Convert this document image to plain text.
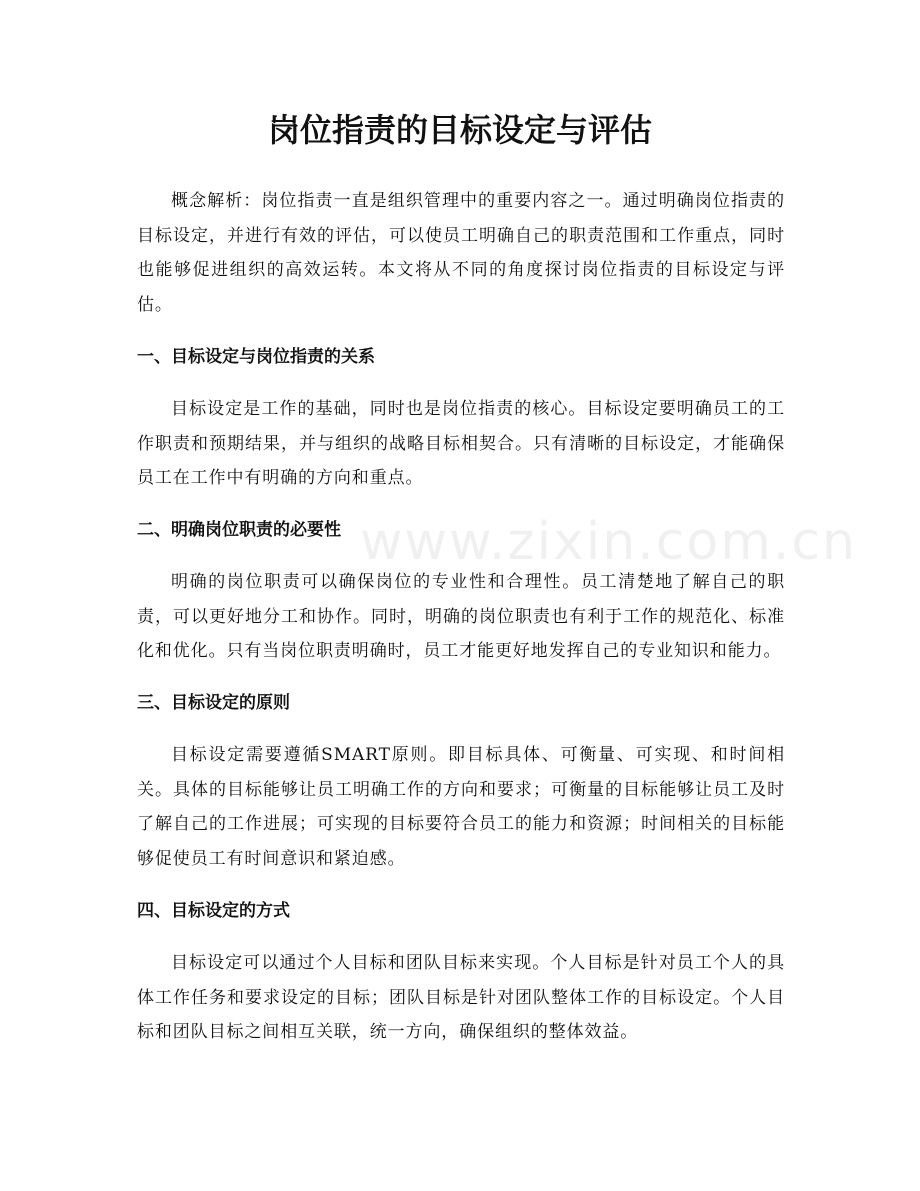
www.zixin.com.cn
岗位指责的目标设定与评估

概念解析：岗位指责一直是组织管理中的重要内容之一。通过明确岗位指责的目标设定，并进行有效的评估，可以使员工明确自己的职责范围和工作重点，同时也能够促进组织的高效运转。本文将从不同的角度探讨岗位指责的目标设定与评估。

一、目标设定与岗位指责的关系

目标设定是工作的基础，同时也是岗位指责的核心。目标设定要明确员工的工作职责和预期结果，并与组织的战略目标相契合。只有清晰的目标设定，才能确保员工在工作中有明确的方向和重点。

二、明确岗位职责的必要性

明确的岗位职责可以确保岗位的专业性和合理性。员工清楚地了解自己的职责，可以更好地分工和协作。同时，明确的岗位职责也有利于工作的规范化、标准化和优化。只有当岗位职责明确时，员工才能更好地发挥自己的专业知识和能力。

三、目标设定的原则

目标设定需要遵循SMART原则。即目标具体、可衡量、可实现、和时间相关。具体的目标能够让员工明确工作的方向和要求；可衡量的目标能够让员工及时了解自己的工作进展；可实现的目标要符合员工的能力和资源；时间相关的目标能够促使员工有时间意识和紧迫感。

四、目标设定的方式

目标设定可以通过个人目标和团队目标来实现。个人目标是针对员工个人的具体工作任务和要求设定的目标；团队目标是针对团队整体工作的目标设定。个人目标和团队目标之间相互关联，统一方向，确保组织的整体效益。
